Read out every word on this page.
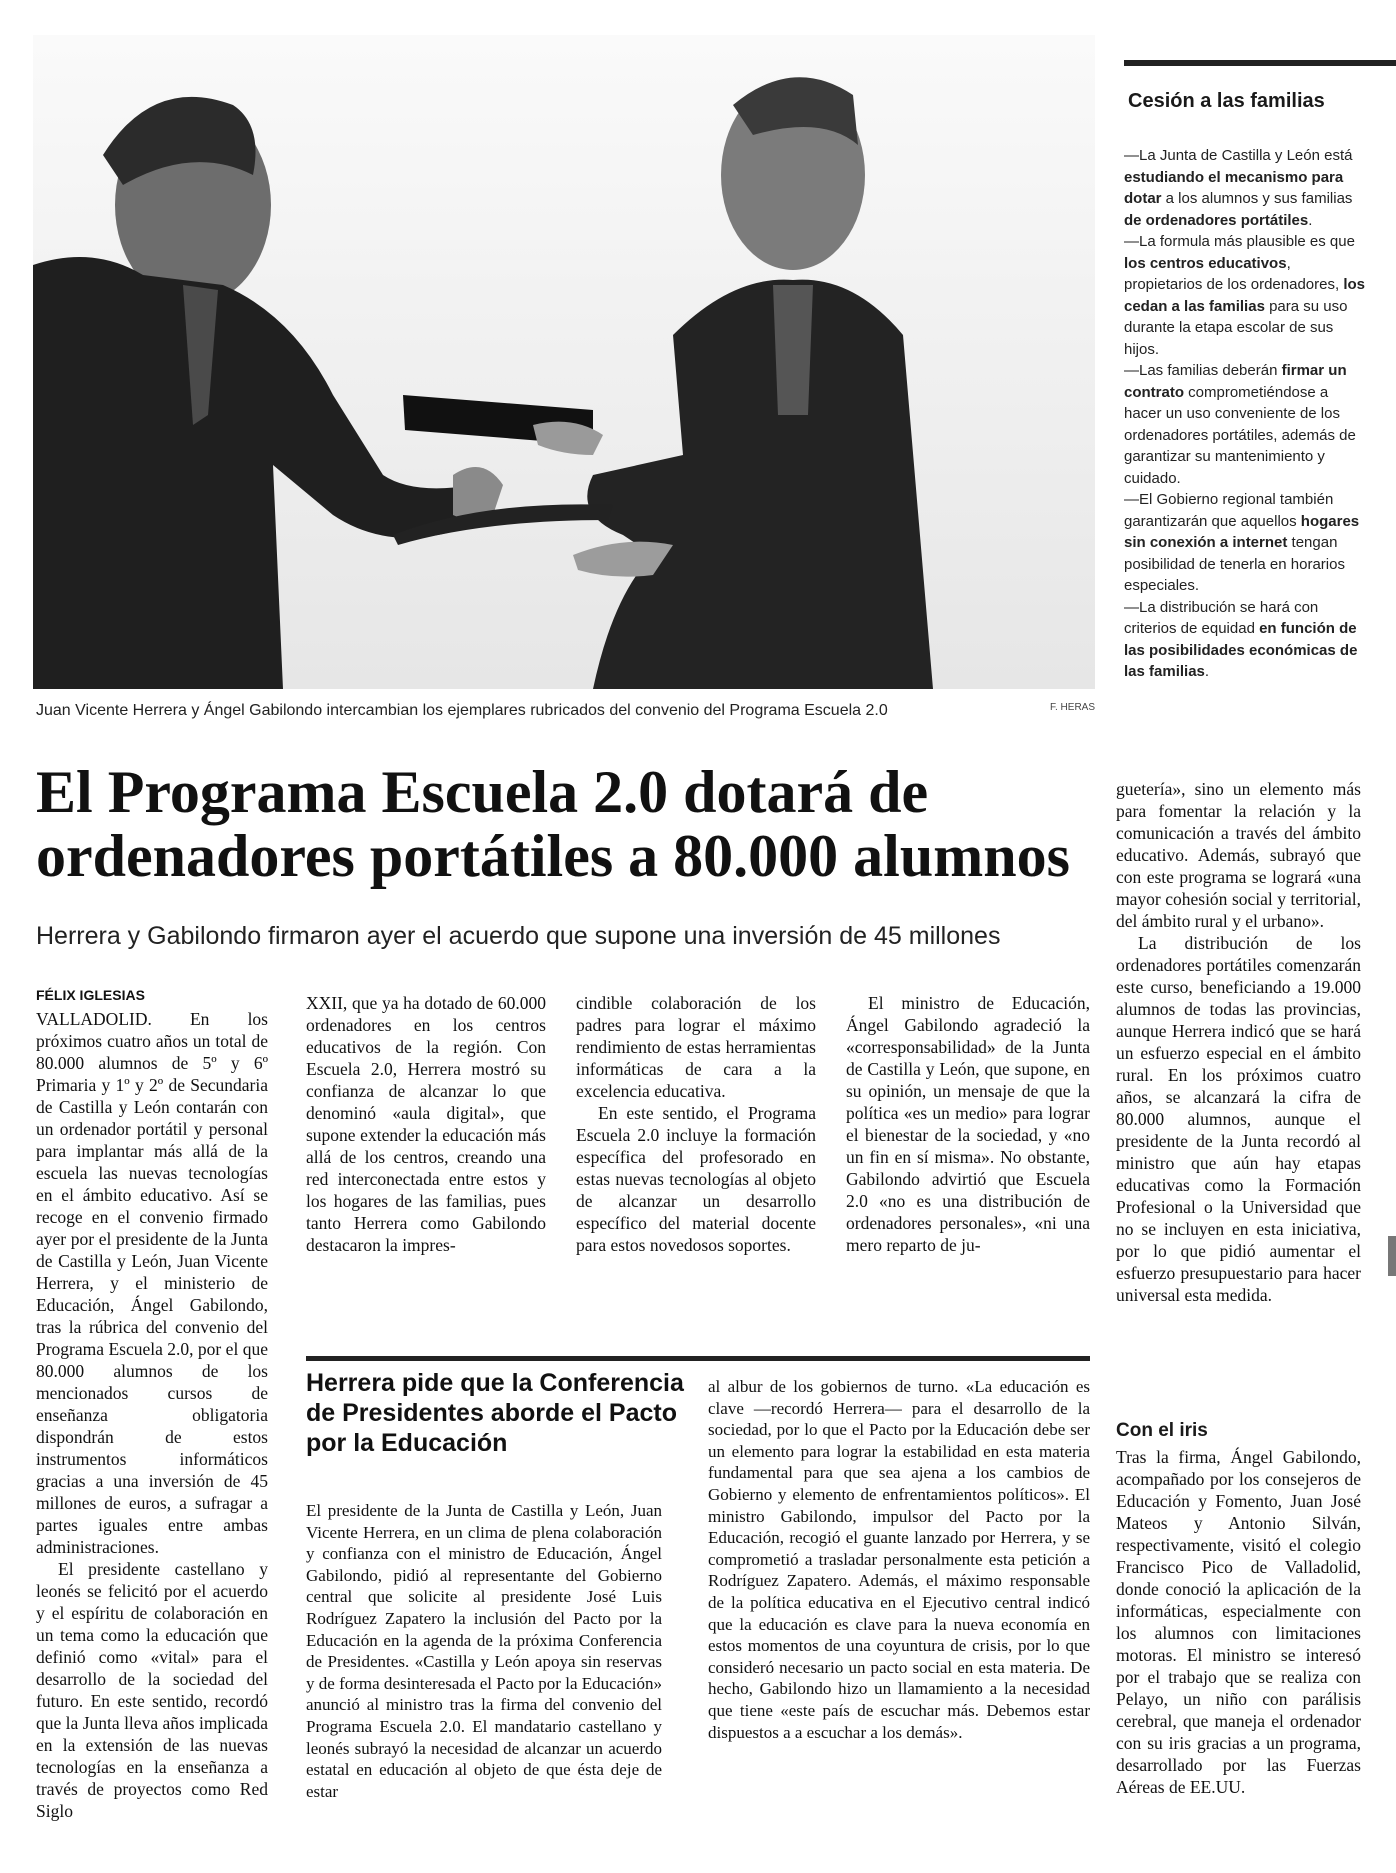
Juan Vicente Herrera y Ángel Gabilondo intercambian los ejemplares rubricados del convenio del Programa Escuela 2.0	F. HERAS
Cesión a las familias

—La Junta de Castilla y León está estudiando el mecanismo para dotar a los alumnos y sus familias de ordenadores portátiles.

—La formula más plausible es que los centros educativos, propietarios de los ordenadores, los cedan a las familias para su uso durante la etapa escolar de sus hijos.

—Las familias deberán firmar un contrato comprometiéndose a hacer un uso conveniente de los ordenadores portátiles, además de garantizar su mantenimiento y cuidado.

—El Gobierno regional también garantizarán que aquellos hogares sin conexión a internet tengan posibilidad de tenerla en horarios especiales.

—La distribución se hará con criterios de equidad en función de las posibilidades económicas de las familias.

El Programa Escuela 2.0 dotará de ordenadores portátiles a 80.000 alumnos
Herrera y Gabilondo firmaron ayer el acuerdo que supone una inversión de 45 millones
FÉLIX IGLESIAS

VALLADOLID. En los próximos cuatro años un total de 80.000 alumnos de 5º y 6º Primaria y 1º y 2º de Secundaria de Castilla y León contarán con un ordenador portátil y personal para implantar más allá de la escuela las nuevas tecnologías en el ámbito educativo. Así se recoge en el convenio firmado ayer por el presidente de la Junta de Castilla y León, Juan Vicente Herrera, y el ministerio de Educación, Ángel Gabilondo, tras la rúbrica del convenio del Programa Escuela 2.0, por el que 80.000 alumnos de los mencionados cursos de enseñanza obligatoria dispondrán de estos instrumentos informáticos gracias a una inversión de 45 millones de euros, a sufragar a partes iguales entre ambas administraciones.

El presidente castellano y leonés se felicitó por el acuerdo y el espíritu de colaboración en un tema como la educación que definió como «vital» para el desarrollo de la sociedad del futuro. En este sentido, recordó que la Junta lleva años implicada en la extensión de las nuevas tecnologías en la enseñanza a través de proyectos como Red Siglo

XXII, que ya ha dotado de 60.000 ordenadores en los centros educativos de la región. Con Escuela 2.0, Herrera mostró su confianza de alcanzar lo que denominó «aula digital», que supone extender la educación más allá de los centros, creando una red interconectada entre estos y los hogares de las familias, pues tanto Herrera como Gabilondo destacaron la impres-

cindible colaboración de los padres para lograr el máximo rendimiento de estas herramientas informáticas de cara a la excelencia educativa.

En este sentido, el Programa Escuela 2.0 incluye la formación específica del profesorado en estas nuevas tecnologías al objeto de alcanzar un desarrollo específico del material docente para estos novedosos soportes.

El ministro de Educación, Ángel Gabilondo agradeció la «corresponsabilidad» de la Junta de Castilla y León, que supone, en su opinión, un mensaje de que la política «es un medio» para lograr el bienestar de la sociedad, y «no un fin en sí misma». No obstante, Gabilondo advirtió que Escuela 2.0 «no es una distribución de ordenadores personales», «ni una mero reparto de ju-

guetería», sino un elemento más para fomentar la relación y la comunicación a través del ámbito educativo. Además, subrayó que con este programa se logrará «una mayor cohesión social y territorial, del ámbito rural y el urbano».

La distribución de los ordenadores portátiles comenzarán este curso, beneficiando a 19.000 alumnos de todas las provincias, aunque Herrera indicó que se hará un esfuerzo especial en el ámbito rural. En los próximos cuatro años, se alcanzará la cifra de 80.000 alumnos, aunque el presidente de la Junta recordó al ministro que aún hay etapas educativas como la Formación Profesional o la Universidad que no se incluyen en esta iniciativa, por lo que pidió aumentar el esfuerzo presupuestario para hacer universal esta medida.

Herrera pide que la Conferencia de Presidentes aborde el Pacto por la Educación

El presidente de la Junta de Castilla y León, Juan Vicente Herrera, en un clima de plena colaboración y confianza con el ministro de Educación, Ángel Gabilondo, pidió al representante del Gobierno central que solicite al presidente José Luis Rodríguez Zapatero la inclusión del Pacto por la Educación en la agenda de la próxima Conferencia de Presidentes. «Castilla y León apoya sin reservas y de forma desinteresada el Pacto por la Educación» anunció al ministro tras la firma del convenio del Programa Escuela 2.0. El mandatario castellano y leonés subrayó la necesidad de alcanzar un acuerdo estatal en educación al objeto de que ésta deje de estar

al albur de los gobiernos de turno. «La educación es clave —recordó Herrera— para el desarrollo de la sociedad, por lo que el Pacto por la Educación debe ser un elemento para lograr la estabilidad en esta materia fundamental para que sea ajena a los cambios de Gobierno y elemento de enfrentamientos políticos». El ministro Gabilondo, impulsor del Pacto por la Educación, recogió el guante lanzado por Herrera, y se comprometió a trasladar personalmente esta petición a Rodríguez Zapatero. Además, el máximo responsable de la política educativa en el Ejecutivo central indicó que la educación es clave para la nueva economía en estos momentos de una coyuntura de crisis, por lo que consideró necesario un pacto social en esta materia. De hecho, Gabilondo hizo un llamamiento a la necesidad que tiene «este país de escuchar más. Debemos estar dispuestos a a escuchar a los demás».

Con el iris

Tras la firma, Ángel Gabilondo, acompañado por los consejeros de Educación y Fomento, Juan José Mateos y Antonio Silván, respectivamente, visitó el colegio Francisco Pico de Valladolid, donde conoció la aplicación de la informáticas, especialmente con los alumnos con limitaciones motoras. El ministro se interesó por el trabajo que se realiza con Pelayo, un niño con parálisis cerebral, que maneja el ordenador con su iris gracias a un programa, desarrollado por las Fuerzas Aéreas de EE.UU.
